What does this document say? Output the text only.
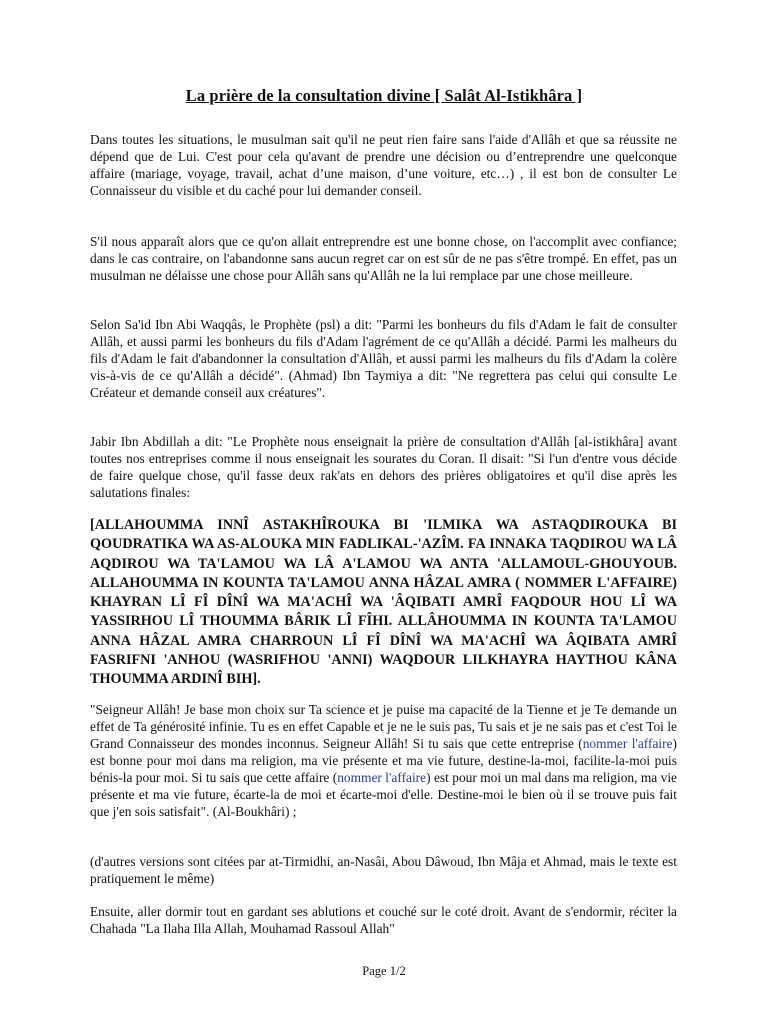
La prière de la consultation divine [ Salât Al-Istikhâra ]

Dans toutes les situations, le musulman sait qu'il ne peut rien faire sans l'aide d'Allâh et que sa réussite ne dépend que de Lui. C'est pour cela qu'avant de prendre une décision ou d’entreprendre une quelconque affaire (mariage, voyage, travail, achat d’une maison, d’une voiture, etc…) , il est bon de consulter Le Connaisseur du visible et du caché pour lui demander conseil.

S'il nous apparaît alors que ce qu'on allait entreprendre est une bonne chose, on l'accomplit avec confiance; dans le cas contraire, on l'abandonne sans aucun regret car on est sûr de ne pas s'être trompé. En effet, pas un musulman ne délaisse une chose pour Allâh sans qu'Allâh ne la lui remplace par une chose meilleure.

Selon Sa'id Ibn Abi Waqqâs, le Prophète (psl) a dit: "Parmi les bonheurs du fils d'Adam le fait de consulter Allâh, et aussi parmi les bonheurs du fils d'Adam l'agrément de ce qu'Allâh a décidé. Parmi les malheurs du fils d'Adam le fait d'abandonner la consultation d'Allâh, et aussi parmi les malheurs du fils d'Adam la colère vis-à-vis de ce qu'Allâh a décidé". (Ahmad) Ibn Taymiya a dit: "Ne regrettera pas celui qui consulte Le Créateur et demande conseil aux créatures".

Jabir Ibn Abdillah a dit: "Le Prophète nous enseignait la prière de consultation d'Allâh [al-istikhâra] avant toutes nos entreprises comme il nous enseignait les sourates du Coran. Il disait: "Si l'un d'entre vous décide de faire quelque chose, qu'il fasse deux rak'ats en dehors des prières obligatoires et qu'il dise après les salutations finales:

[ALLAHOUMMA INNÎ ASTAKHÎROUKA BI 'ILMIKA WA ASTAQDIROUKA BI QOUDRATIKA WA AS-ALOUKA MIN FADLIKAL-'AZÎM. FA INNAKA TAQDIROU WA LÂ AQDIROU WA TA'LAMOU WA LÂ A'LAMOU WA ANTA 'ALLAMOUL-GHOUYOUB. ALLAHOUMMA IN KOUNTA TA'LAMOU ANNA HÂZAL AMRA ( NOMMER L'AFFAIRE) KHAYRAN LÎ FÎ DÎNÎ WA MA'ACHÎ WA 'ÂQIBATI AMRÎ FAQDOUR HOU LÎ WA YASSIRHOU LÎ THOUMMA BÂRIK LÎ FÎHI. ALLÂHOUMMA IN KOUNTA TA'LAMOU ANNA HÂZAL AMRA CHARROUN LÎ FÎ DÎNÎ WA MA'ACHÎ WA ÂQIBATA AMRÎ FASRIFNI 'ANHOU (WASRIFHOU 'ANNI) WAQDOUR LILKHAYRA HAYTHOU KÂNA THOUMMA ARDINÎ BIH].

"Seigneur Allâh! Je base mon choix sur Ta science et je puise ma capacité de la Tienne et je Te demande un effet de Ta générosité infinie. Tu es en effet Capable et je ne le suis pas, Tu sais et je ne sais pas et c'est Toi le Grand Connaisseur des mondes inconnus. Seigneur Allâh! Si tu sais que cette entreprise (nommer l'affaire) est bonne pour moi dans ma religion, ma vie présente et ma vie future, destine-la-moi, facilite-la-moi puis bénis-la pour moi. Si tu sais que cette affaire (nommer l'affaire) est pour moi un mal dans ma religion, ma vie présente et ma vie future, écarte-la de moi et écarte-moi d'elle. Destine-moi le bien où il se trouve puis fait que j'en sois satisfait". (Al-Boukhâri) ;

(d'autres versions sont citées par at-Tirmidhi, an-Nasâi, Abou Dâwoud, Ibn Mâja et Ahmad, mais le texte est pratiquement le même)

Ensuite, aller dormir tout en gardant ses ablutions et couché sur le coté droit. Avant de s'endormir, réciter la Chahada "La Ilaha Illa Allah, Mouhamad Rassoul Allah"

Page 1/2
